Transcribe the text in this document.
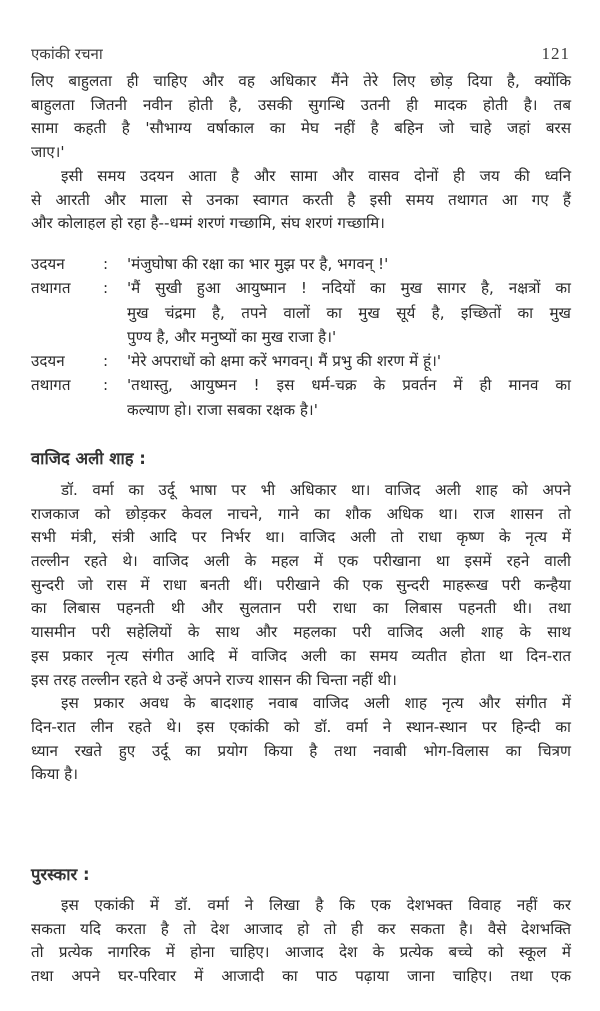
एकांकी रचना	121
लिए बाहुलता ही चाहिए और वह अधिकार मैंने तेरे लिए छोड़ दिया है, क्योंकि
बाहुलता जितनी नवीन होती है, उसकी सुगन्धि उतनी ही मादक होती है। तब
सामा कहती है 'सौभाग्य वर्षाकाल का मेघ नहीं है बहिन जो चाहे जहां बरस
जाए।'
इसी समय उदयन आता है और सामा और वासव दोनों ही जय की ध्वनि
से आरती और माला से उनका स्वागत करती है इसी समय तथागत आ गए हैं
और कोलाहल हो रहा है--धम्मं शरणं गच्छामि, संघ शरणं गच्छामि।
उदयन	:	'मंजुघोषा की रक्षा का भार मुझ पर है, भगवन् !'
तथागत	:	'मैं सुखी हुआ आयुष्मान ! नदियों का मुख सागर है, नक्षत्रों का
मुख चंद्रमा है, तपने वालों का मुख सूर्य है, इच्छितों का मुख
पुण्य है, और मनुष्यों का मुख राजा है।'
उदयन	:	'मेरे अपराधों को क्षमा करें भगवन्। मैं प्रभु की शरण में हूं।'
तथागत	:	'तथास्तु, आयुष्मन ! इस धर्म-चक्र के प्रवर्तन में ही मानव का
कल्याण हो। राजा सबका रक्षक है।'
वाजिद अली शाह :
डॉ. वर्मा का उर्दू भाषा पर भी अधिकार था। वाजिद अली शाह को अपने
राजकाज को छोड़कर केवल नाचने, गाने का शौक अधिक था। राज शासन तो
सभी मंत्री, संत्री आदि पर निर्भर था। वाजिद अली तो राधा कृष्ण के नृत्य में
तल्लीन रहते थे। वाजिद अली के महल में एक परीखाना था इसमें रहने वाली
सुन्दरी जो रास में राधा बनती थीं। परीखाने की एक सुन्दरी माहरूख परी कन्हैया
का लिबास पहनती थी और सुलतान परी राधा का लिबास पहनती थी। तथा
यासमीन परी सहेलियों के साथ और महलका परी वाजिद अली शाह के साथ
इस प्रकार नृत्य संगीत आदि में वाजिद अली का समय व्यतीत होता था दिन-रात
इस तरह तल्लीन रहते थे उन्हें अपने राज्य शासन की चिन्ता नहीं थी।
इस प्रकार अवध के बादशाह नवाब वाजिद अली शाह नृत्य और संगीत में
दिन-रात लीन रहते थे। इस एकांकी को डॉ. वर्मा ने स्थान-स्थान पर हिन्दी का
ध्यान रखते हुए उर्दू का प्रयोग किया है तथा नवाबी भोग-विलास का चित्रण
किया है।
पुरस्कार :
इस एकांकी में डॉ. वर्मा ने लिखा है कि एक देशभक्त विवाह नहीं कर
सकता यदि करता है तो देश आजाद हो तो ही कर सकता है। वैसे देशभक्ति
तो प्रत्येक नागरिक में होना चाहिए। आजाद देश के प्रत्येक बच्चे को स्कूल में
तथा अपने घर-परिवार में आजादी का पाठ पढ़ाया जाना चाहिए। तथा एक
